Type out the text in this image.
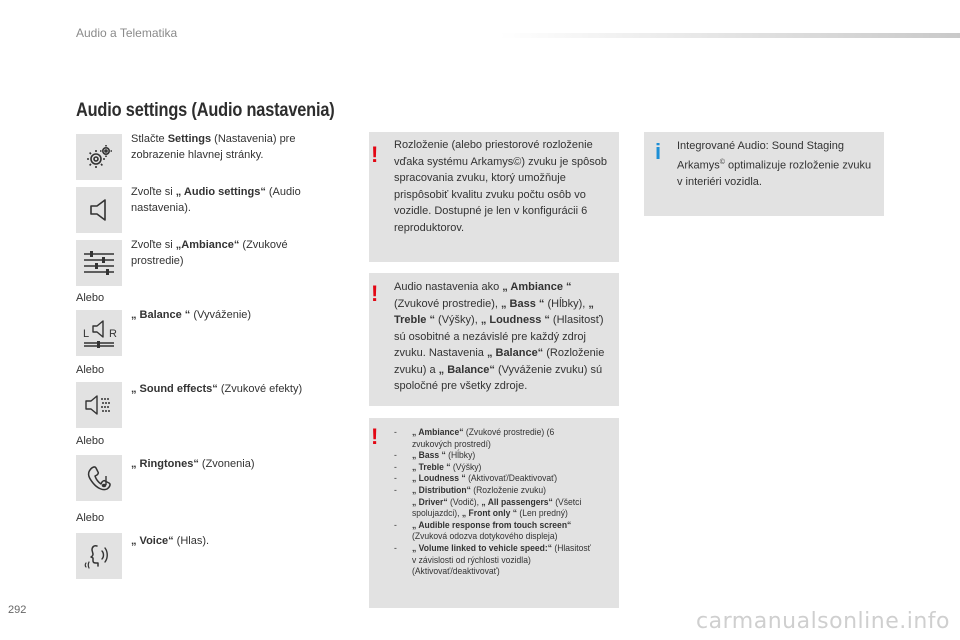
Audio a Telematika
Audio settings (Audio nastavenia)
Stlačte Settings (Nastavenia) pre zobrazenie hlavnej stránky.
Zvoľte si „ Audio settings“ (Audio nastavenia).
Zvoľte si „Ambiance“ (Zvukové prostredie)
Alebo
L R
„ Balance “ (Vyváženie)
Alebo
„ Sound effects“ (Zvukové efekty)
Alebo
„ Ringtones“ (Zvonenia)
Alebo
„ Voice“ (Hlas).
! Rozloženie (alebo priestorové rozloženie vďaka systému Arkamys©) zvuku je spôsob spracovania zvuku, ktorý umožňuje prispôsobiť kvalitu zvuku počtu osôb vo vozidle. Dostupné je len v konfigurácii 6 reproduktorov.
! Audio nastavenia ako „ Ambiance “ (Zvukové prostredie), „ Bass “ (Hĺbky), „ Treble “ (Výšky), „ Loudness “ (Hlasitosť) sú osobitné a nezávislé pre každý zdroj zvuku. Nastavenia „ Balance“ (Rozloženie zvuku) a „ Balance“ (Vyváženie zvuku) sú spoločné pre všetky zdroje.
! -	„ Ambiance“ (Zvukové prostredie) (6 zvukových prostredí)
-	„ Bass “ (Hĺbky)
-	„ Treble “ (Výšky)
-	„ Loudness “ (Aktivovať/Deaktivovať)
-	„ Distribution“ (Rozloženie zvuku)
„ Driver“ (Vodič), „ All passengers“ (Všetci spolujazdci), „ Front only “ (Len predný)
-	„ Audible response from touch screen“ (Zvuková odozva dotykového displeja)
-	„ Volume linked to vehicle speed:“ (Hlasitosť v závislosti od rýchlosti vozidla) (Aktivovať/deaktivovať)
i Integrované Audio: Sound Staging Arkamys© optimalizuje rozloženie zvuku v interiéri vozidla.
292	carmanualsonline.info
